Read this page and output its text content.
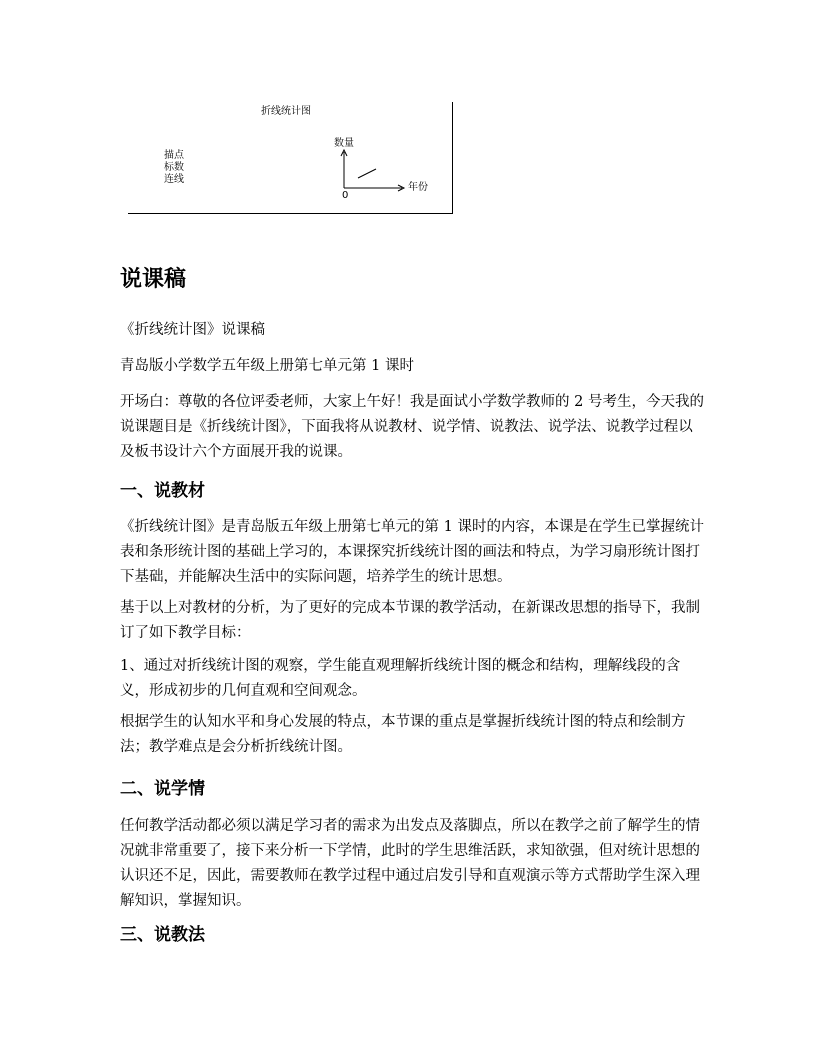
折线统计图
描点
标数
连线
数量
年份
0
说课稿

《折线统计图》说课稿

青岛版小学数学五年级上册第七单元第 1 课时

开场白：尊敬的各位评委老师，大家上午好！我是面试小学数学教师的 2 号考生，今天我的说课题目是《折线统计图》，下面我将从说教材、说学情、说教法、说学法、说教学过程以及板书设计六个方面展开我的说课。

一、说教材

《折线统计图》是青岛版五年级上册第七单元的第 1 课时的内容，本课是在学生已掌握统计表和条形统计图的基础上学习的，本课探究折线统计图的画法和特点，为学习扇形统计图打下基础，并能解决生活中的实际问题，培养学生的统计思想。

基于以上对教材的分析，为了更好的完成本节课的教学活动，在新课改思想的指导下，我制订了如下教学目标：

1、通过对折线统计图的观察，学生能直观理解折线统计图的概念和结构，理解线段的含义，形成初步的几何直观和空间观念。

根据学生的认知水平和身心发展的特点，本节课的重点是掌握折线统计图的特点和绘制方法；教学难点是会分析折线统计图。

二、说学情

任何教学活动都必须以满足学习者的需求为出发点及落脚点，所以在教学之前了解学生的情况就非常重要了，接下来分析一下学情，此时的学生思维活跃，求知欲强，但对统计思想的认识还不足，因此，需要教师在教学过程中通过启发引导和直观演示等方式帮助学生深入理解知识，掌握知识。

三、说教法
